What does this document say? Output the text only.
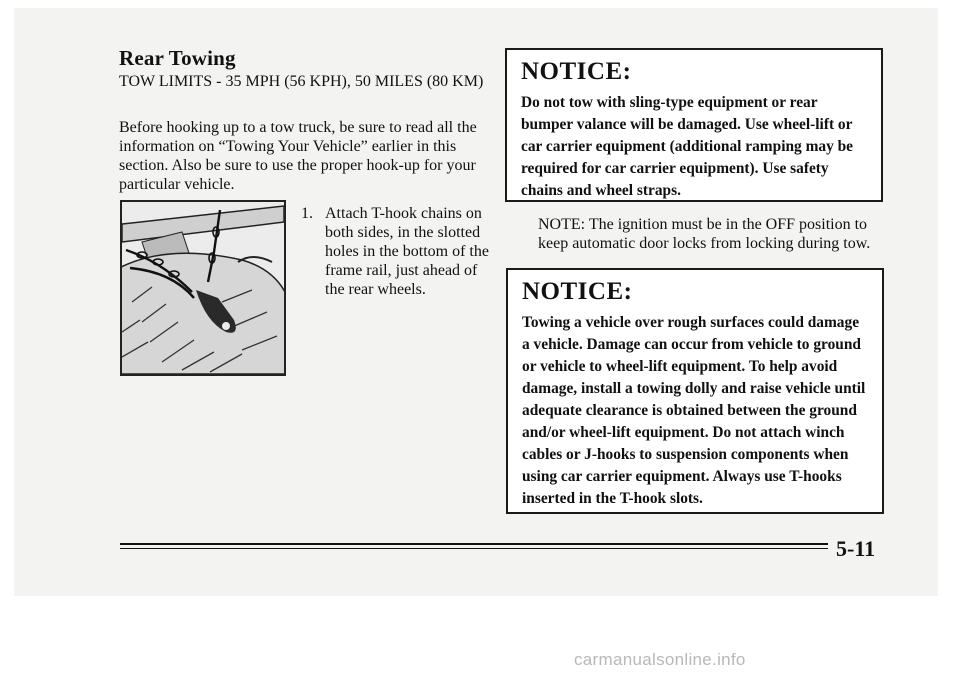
Rear Towing

TOW LIMITS - 35 MPH (56 KPH), 50 MILES (80 KM)

Before hooking up to a tow truck, be sure to read all the information on “Towing Your Vehicle” earlier in this section. Also be sure to use the proper hook-up for your particular vehicle.

1. Attach T-hook chains on both sides, in the slotted holes in the bottom of the frame rail, just ahead of the rear wheels.

NOTICE:

Do not tow with sling-type equipment or rear bumper valance will be damaged. Use wheel-lift or car carrier equipment (additional ramping may be required for car carrier equipment). Use safety chains and wheel straps.

NOTE: The ignition must be in the OFF position to keep automatic door locks from locking during tow.

NOTICE:

Towing a vehicle over rough surfaces could damage a vehicle. Damage can occur from vehicle to ground or vehicle to wheel-lift equipment. To help avoid damage, install a towing dolly and raise vehicle until adequate clearance is obtained between the ground and/or wheel-lift equipment. Do not attach winch cables or J-hooks to suspension components when using car carrier equipment. Always use T-hooks inserted in the T-hook slots.

5-11

carmanualsonline.info
